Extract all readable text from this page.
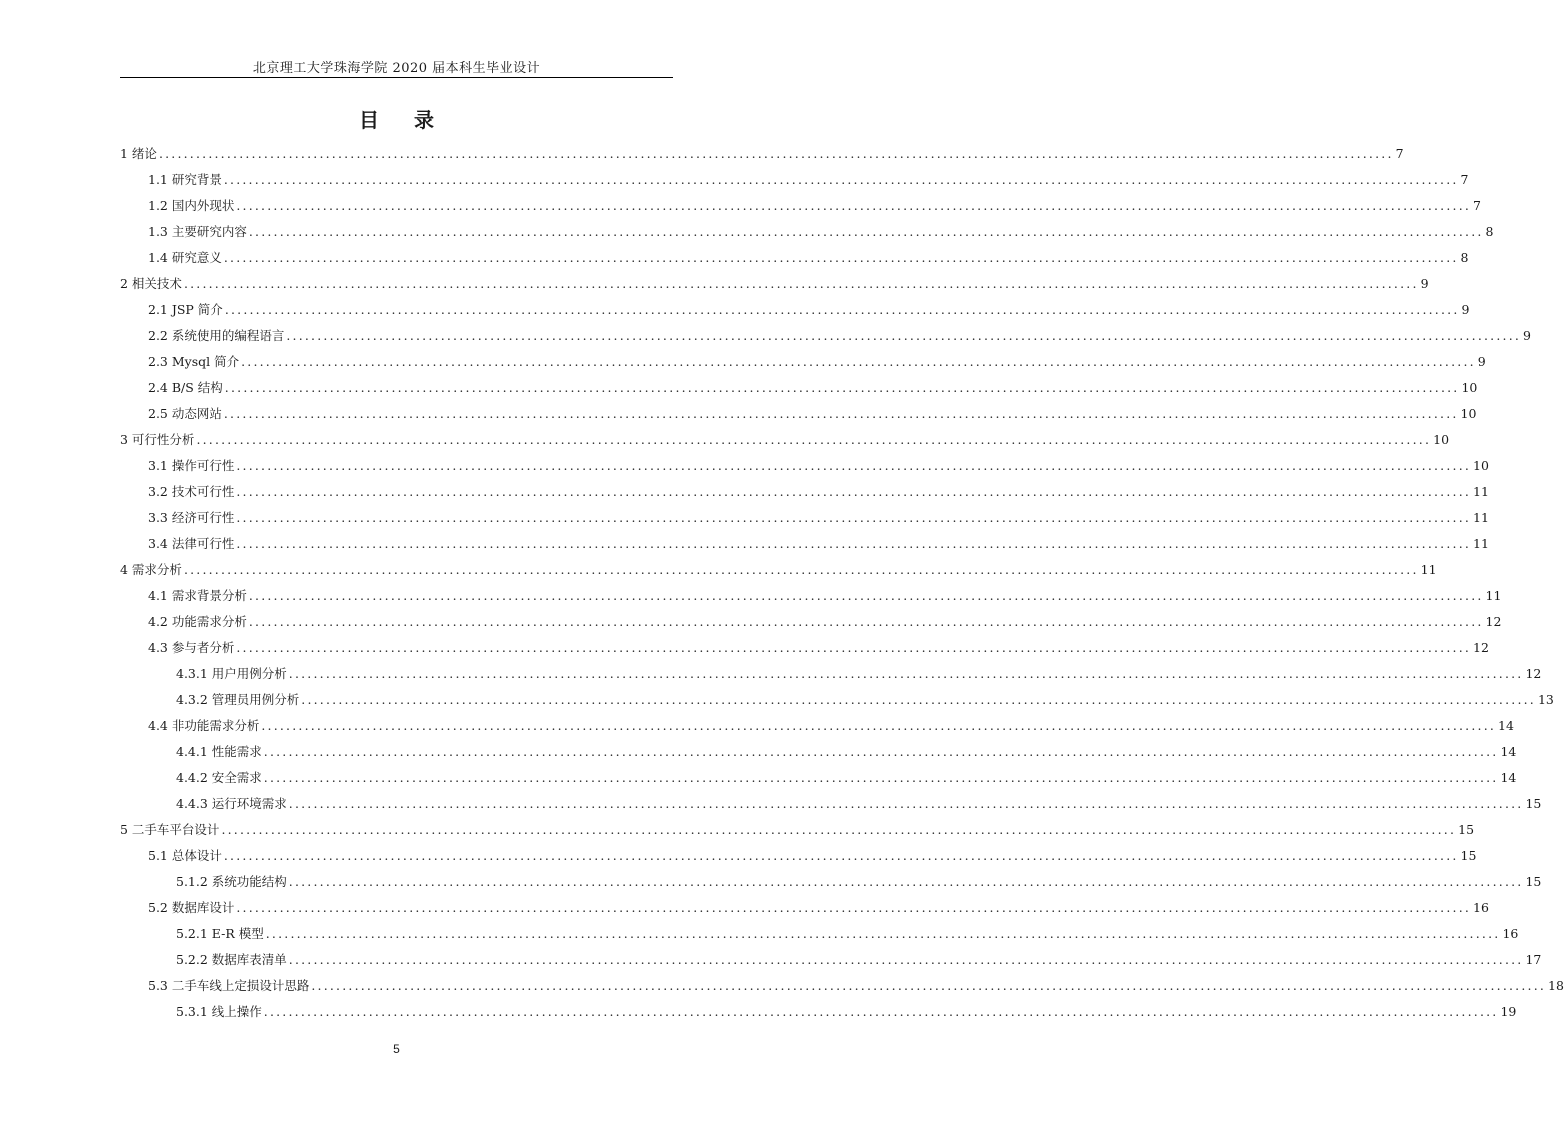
北京理工大学珠海学院 2020 届本科生毕业设计
目 录
1 绪论 ........................................................................................................................................................................................................ 7
1.1 研究背景 ........................................................................................................................................................................................................ 7
1.2 国内外现状 ........................................................................................................................................................................................................ 7
1.3 主要研究内容 ........................................................................................................................................................................................................ 8
1.4 研究意义 ........................................................................................................................................................................................................ 8
2 相关技术 ........................................................................................................................................................................................................ 9
2.1 JSP 简介 ........................................................................................................................................................................................................ 9
2.2 系统使用的编程语言 ........................................................................................................................................................................................................ 9
2.3 Mysql 简介 ........................................................................................................................................................................................................ 9
2.4 B/S 结构 ........................................................................................................................................................................................................ 10
2.5 动态网站 ........................................................................................................................................................................................................ 10
3 可行性分析 ........................................................................................................................................................................................................ 10
3.1 操作可行性 ........................................................................................................................................................................................................ 10
3.2 技术可行性 ........................................................................................................................................................................................................ 11
3.3 经济可行性 ........................................................................................................................................................................................................ 11
3.4 法律可行性 ........................................................................................................................................................................................................ 11
4 需求分析 ........................................................................................................................................................................................................ 11
4.1 需求背景分析 ........................................................................................................................................................................................................ 11
4.2 功能需求分析 ........................................................................................................................................................................................................ 12
4.3 参与者分析 ........................................................................................................................................................................................................ 12
4.3.1 用户用例分析 ........................................................................................................................................................................................................ 12
4.3.2 管理员用例分析 ........................................................................................................................................................................................................ 13
4.4 非功能需求分析 ........................................................................................................................................................................................................ 14
4.4.1 性能需求 ........................................................................................................................................................................................................ 14
4.4.2 安全需求 ........................................................................................................................................................................................................ 14
4.4.3 运行环境需求 ........................................................................................................................................................................................................ 15
5 二手车平台设计 ........................................................................................................................................................................................................ 15
5.1 总体设计 ........................................................................................................................................................................................................ 15
5.1.2 系统功能结构 ........................................................................................................................................................................................................ 15
5.2 数据库设计 ........................................................................................................................................................................................................ 16
5.2.1 E-R 模型 ........................................................................................................................................................................................................ 16
5.2.2 数据库表清单 ........................................................................................................................................................................................................ 17
5.3 二手车线上定损设计思路 ........................................................................................................................................................................................................ 18
5.3.1 线上操作 ........................................................................................................................................................................................................ 19
5
